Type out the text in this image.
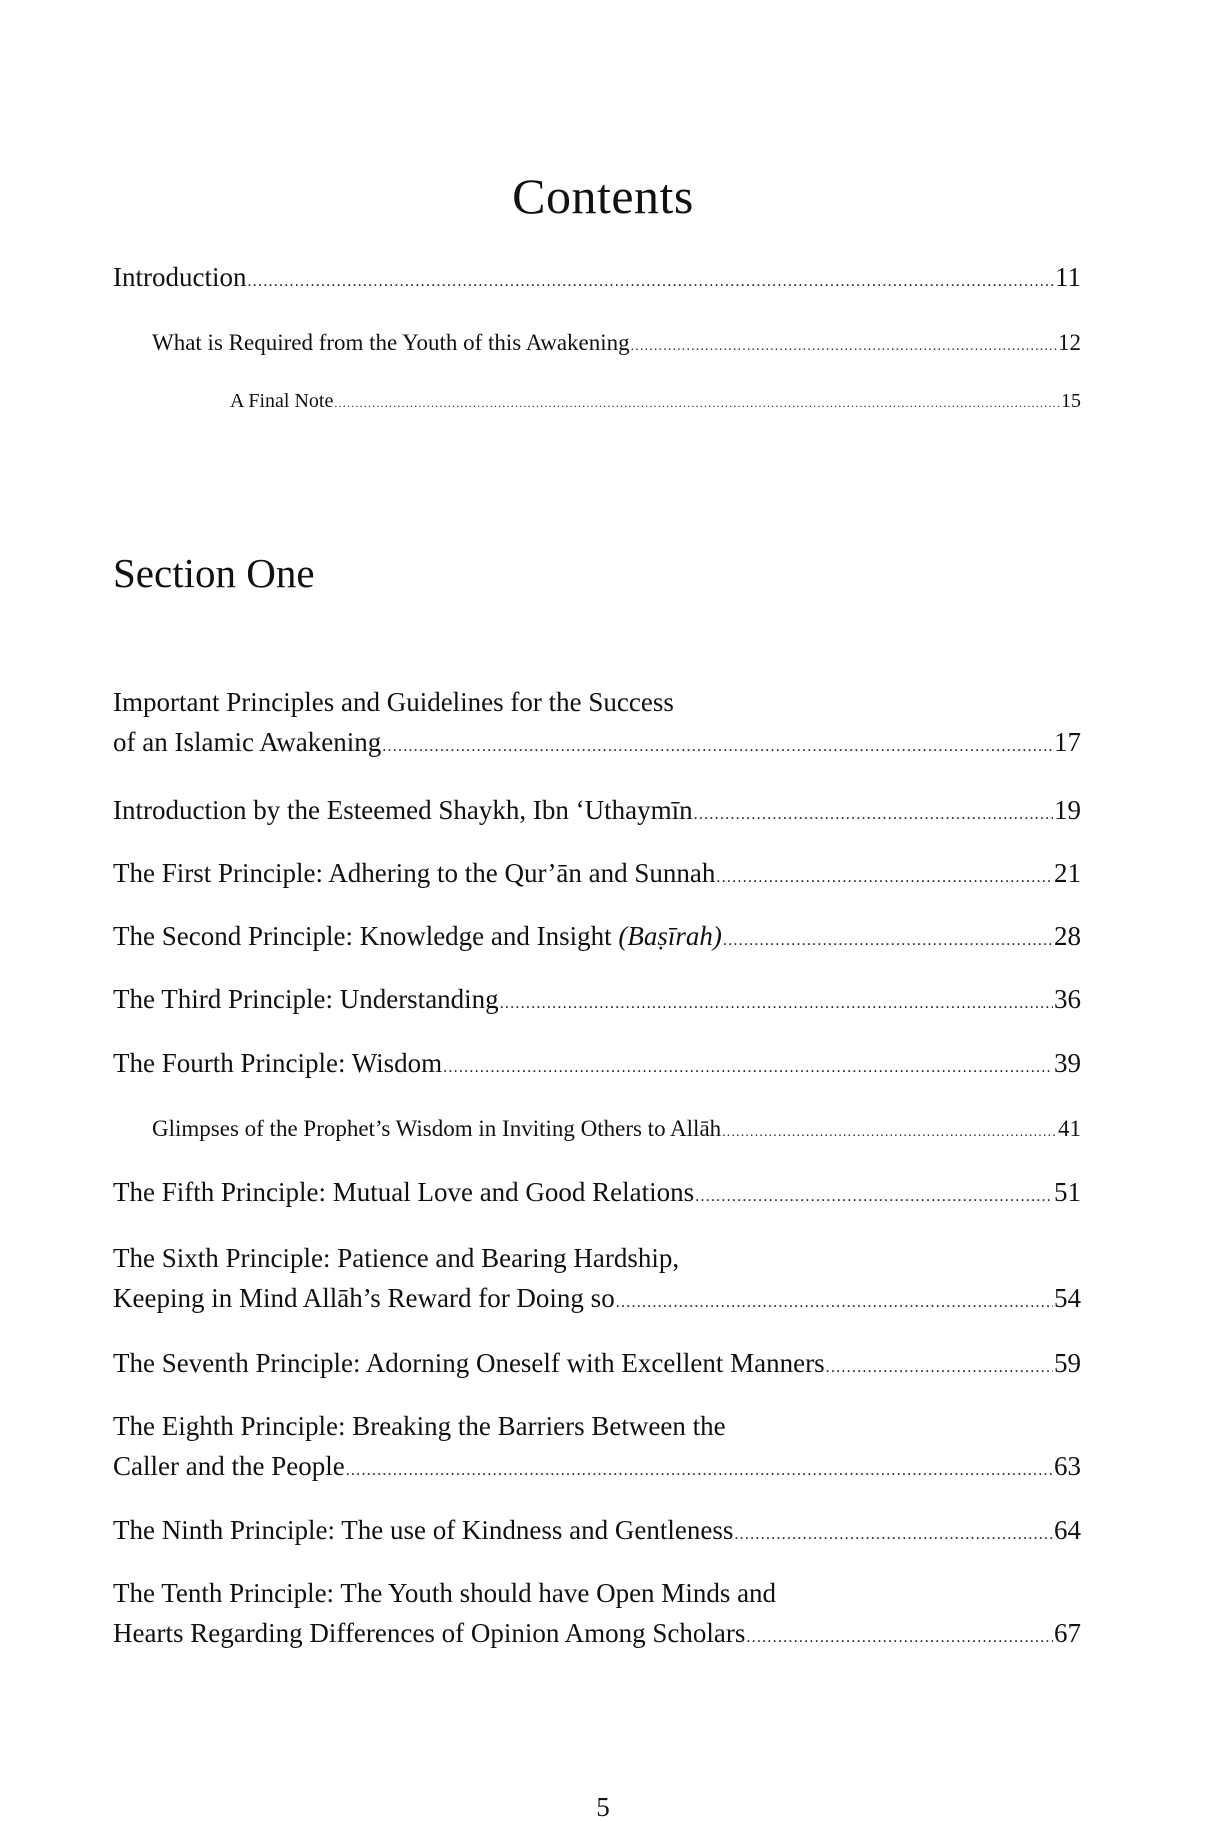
Contents
Introduction .....	11
What is Required from the Youth of this Awakening .....	12
A Final Note .....	15
Section One
Important Principles and Guidelines for the Success
of an Islamic Awakening .....	17
Introduction by the Esteemed Shaykh, Ibn ‘Uthaymīn .....	19
The First Principle: Adhering to the Qur’ān and Sunnah .....	21
The Second Principle: Knowledge and Insight (Baṣīrah) .....	28
The Third Principle: Understanding .....	36
The Fourth Principle: Wisdom .....	39
Glimpses of the Prophet’s Wisdom in Inviting Others to Allāh .....	41
The Fifth Principle: Mutual Love and Good Relations .....	51
The Sixth Principle: Patience and Bearing Hardship,
Keeping in Mind Allāh’s Reward for Doing so .....	54
The Seventh Principle: Adorning Oneself with Excellent Manners .....	59
The Eighth Principle: Breaking the Barriers Between the
Caller and the People .....	63
The Ninth Principle: The use of Kindness and Gentleness .....	64
The Tenth Principle: The Youth should have Open Minds and
Hearts Regarding Differences of Opinion Among Scholars .....	67
5
